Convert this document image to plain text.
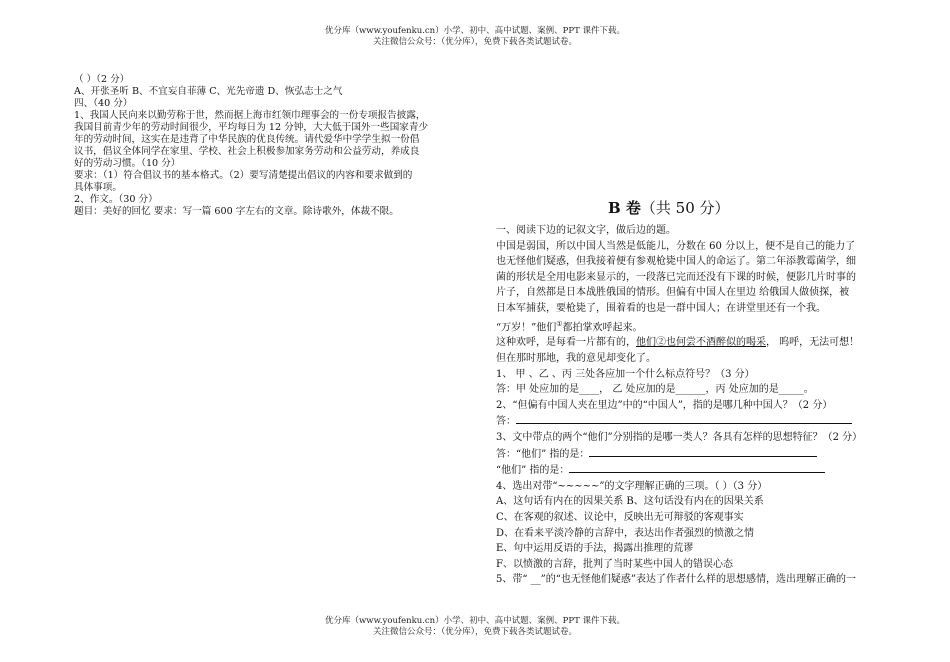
优分库（www.youfenku.cn）小学、初中、高中试题、案例、PPT 课件下载。
关注微信公众号：（优分库），免费下载各类试题试卷。
（ ）（2 分）
A、开张圣听 B、不宜妄自菲薄 C、光先帝遗 D、恢弘志士之气
四、（40 分）
1、我国人民向来以勤劳称于世，然而据上海市红领巾理事会的一份专项报告披露，
我国目前青少年的劳动时间很少，平均每日为 12 分钟，大大低于国外一些国家青少
年的劳动时间，这实在是违背了中华民族的优良传统。请代爱华中学学生拟一份倡
议书，倡议全体同学在家里、学校、社会上积极参加家务劳动和公益劳动，养成良
好的劳动习惯。（10 分）
要求：（1）符合倡议书的基本格式。（2）要写清楚提出倡议的内容和要求做到的
具体事项。
2、作文。（30 分）
题目：美好的回忆 要求：写一篇 600 字左右的文章。除诗歌外，体裁不限。	B 卷（共 50 分）
一、阅读下边的记叙文字，做后边的题。
中国是弱国，所以中国人当然是低能儿，分数在 60 分以上，便不是自己的能力了
也无怪他们疑惑，但我接着便有参观枪毙中国人的命运了。第二年添教霉菌学，细
菌的形状是全用电影来显示的，一段落已完而还没有下课的时候，便影几片时事的
片子，自然都是日本战胜俄国的情形。但偏有中国人在里边 给俄国人做侦探，被
日本军捕获，要枪毙了，围着看的也是一群中国人；在讲堂里还有一个我。
“万岁！”他们①都拍掌欢呼起来。
这种欢呼，是每看一片都有的，他们②也何尝不酒醉似的喝采， 呜呼，无法可想！
但在那时那地，我的意见却变化了。
1、 甲 、乙 、丙 三处各应加一个什么标点符号？（3 分）
答：甲 处应加的是____， 乙 处应加的是______，丙 处应加的是_____。
2、“但偏有中国人夹在里边”中的“中国人”，指的是哪几种中国人？（2 分）
答：
3、文中带点的两个“他们”分别指的是哪一类人？各具有怎样的思想特征？（2 分）
答：“他们” 指的是：
“他们” 指的是：
4、选出对带“~~~~~”的文字理解正确的三项。（ ）（3 分）
A、这句话有内在的因果关系 B、这句话没有内在的因果关系
C、在客观的叙述、议论中，反映出无可辩驳的客观事实
D、在看来平淡冷静的言辞中，表达出作者强烈的愤激之情
E、句中运用反语的手法，揭露出推理的荒谬
F、以愤激的言辞，批判了当时某些中国人的错误心态
5、带“ __”的“也无怪他们疑惑”表达了作者什么样的思想感情，选出理解正确的一
优分库（www.youfenku.cn）小学、初中、高中试题、案例、PPT 课件下载。
关注微信公众号：（优分库），免费下载各类试题试卷。
